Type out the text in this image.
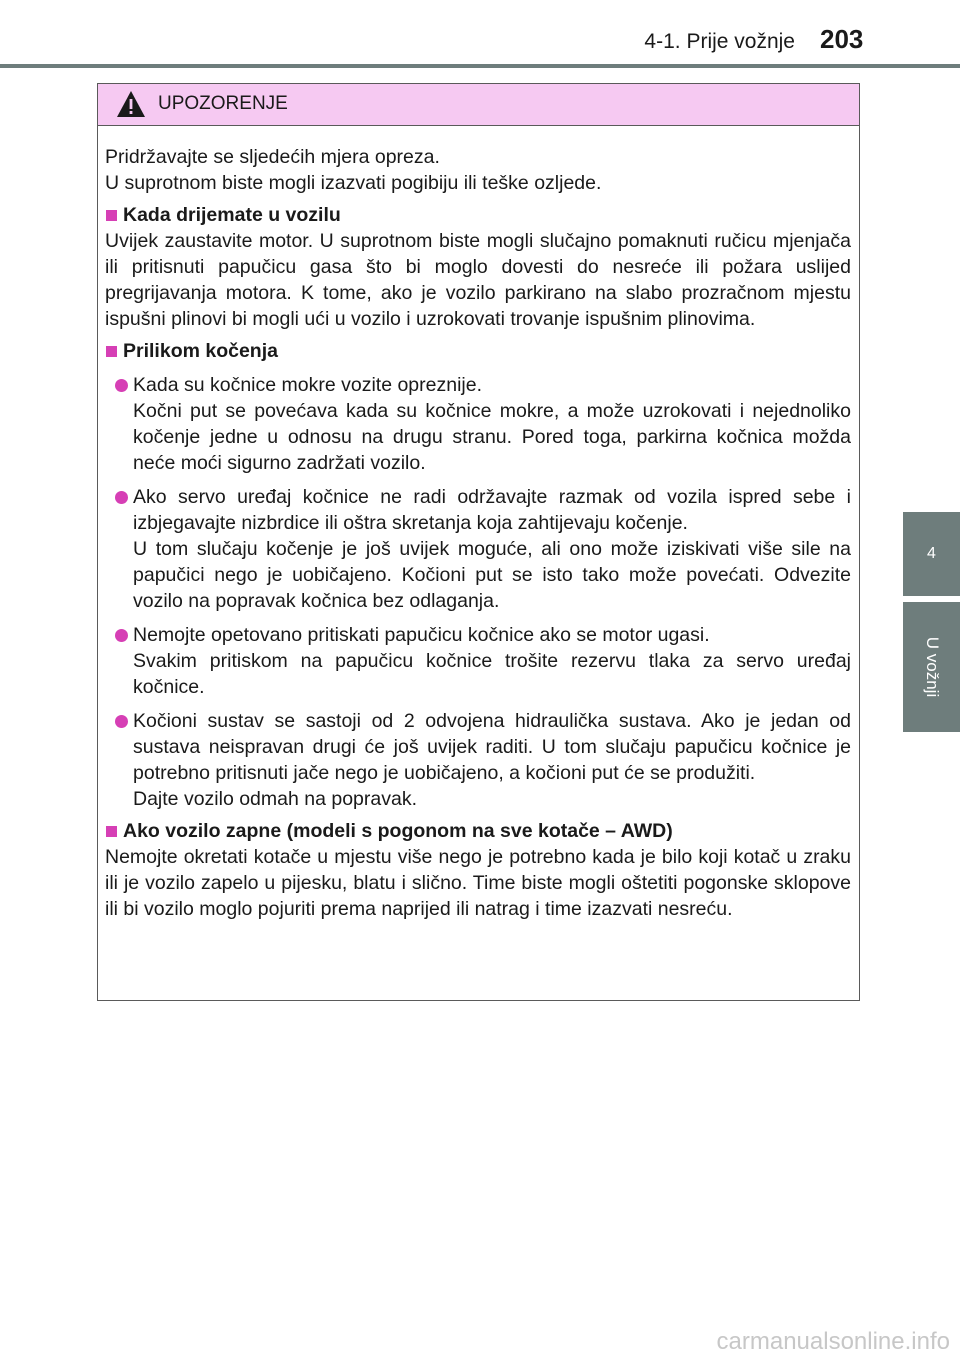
4-1. Prije vožnje 203
4
U vožnji
UPOZORENJE

Pridržavajte se sljedećih mjera opreza.

U suprotnom biste mogli izazvati pogibiju ili teške ozljede.

Kada drijemate u vozilu

Uvijek zaustavite motor. U suprotnom biste mogli slučajno pomaknuti ručicu mjenjača ili pritisnuti papučicu gasa što bi moglo dovesti do nesreće ili požara uslijed pregrijavanja motora. K tome, ako je vozilo parkirano na slabo prozračnom mjestu ispušni plinovi bi mogli ući u vozilo i uzrokovati trovanje ispušnim plinovima.

Prilikom kočenja

Kada su kočnice mokre vozite opreznije.

Kočni put se povećava kada su kočnice mokre, a može uzrokovati i nejednoliko kočenje jedne u odnosu na drugu stranu. Pored toga, parkirna kočnica možda neće moći sigurno zadržati vozilo.

Ako servo uređaj kočnice ne radi održavajte razmak od vozila ispred sebe i izbjegavajte nizbrdice ili oštra skretanja koja zahtijevaju kočenje.

U tom slučaju kočenje je još uvijek moguće, ali ono može iziskivati više sile na papučici nego je uobičajeno. Kočioni put se isto tako može povećati. Odvezite vozilo na popravak kočnica bez odlaganja.

Nemojte opetovano pritiskati papučicu kočnice ako se motor ugasi.

Svakim pritiskom na papučicu kočnice trošite rezervu tlaka za servo uređaj kočnice.

Kočioni sustav se sastoji od 2 odvojena hidraulička sustava. Ako je jedan od sustava neispravan drugi će još uvijek raditi. U tom slučaju papučicu kočnice je potrebno pritisnuti jače nego je uobičajeno, a kočioni put će se produžiti.

Dajte vozilo odmah na popravak.

Ako vozilo zapne (modeli s pogonom na sve kotače – AWD)

Nemojte okretati kotače u mjestu više nego je potrebno kada je bilo koji kotač u zraku ili je vozilo zapelo u pijesku, blatu i slično. Time biste mogli oštetiti pogonske sklopove ili bi vozilo moglo pojuriti prema naprijed ili natrag i time izazvati nesreću.

carmanualsonline.info
